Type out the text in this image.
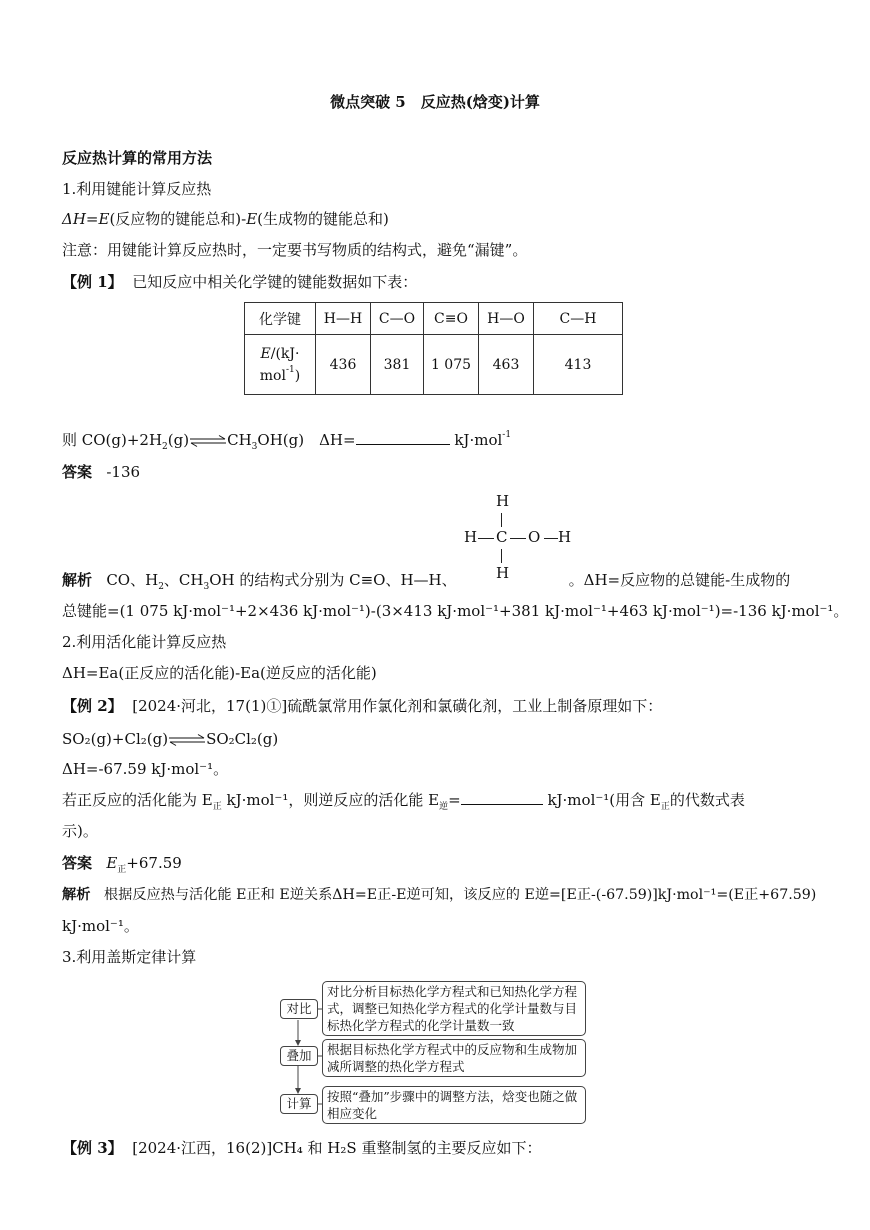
微点突破 5　反应热(焓变)计算
反应热计算的常用方法
1.利用键能计算反应热
ΔH=E(反应物的键能总和)-E(生成物的键能总和)
注意：用键能计算反应热时，一定要书写物质的结构式，避免“漏键”。
【例 1】 已知反应中相关化学键的键能数据如下表：
化学键	H—H	C—O	C≡O	H—O	C—H
E/(kJ·
mol$^{-1}$)	436	381	1 075	463	413
则 $CO(g)+2H_2(g)\rightleftharpoons CH_3OH(g)$　ΔH=	kJ·mol$^{-1}$
答案 -136
H
H C O H
H
解析 CO、$H_2$、$CH_3OH$ 的结构式分别为 C≡O、H—H、	。ΔH=反应物的总键能-生成物的
总键能=(1 075 kJ·mol⁻¹+2×436 kJ·mol⁻¹)-(3×413 kJ·mol⁻¹+381 kJ·mol⁻¹+463 kJ·mol⁻¹)=-136 kJ·mol⁻¹。
2.利用活化能计算反应热
ΔH=Ea(正反应的活化能)-Ea(逆反应的活化能)
【例 2】 [2024·河北，17(1)①]硫酰氯常用作氯化剂和氯磺化剂，工业上制备原理如下：
SO₂(g)+Cl₂(g)⇌SO₂Cl₂(g)
ΔH=-67.59 kJ·mol⁻¹。
若正反应的活化能为 $E_正$ kJ·mol⁻¹，则逆反应的活化能 $E_逆=$	kJ·mol⁻¹(用含 $E_正$的代数式表
示)。
答案 $E_正+67.59$
解析 根据反应热与活化能 E正和 E逆关系ΔH=E正-E逆可知，该反应的 E逆=[E正-(-67.59)]kJ·mol⁻¹=(E正+67.59)
kJ·mol⁻¹。
3.利用盖斯定律计算
对比
对比分析目标热化学方程式和已知热化学方程式，调整已知热化学方程式的化学计量数与目标热化学方程式的化学计量数一致
叠加	根据目标热化学方程式中的反应物和生成物加减所调整的热化学方程式
计算	按照“叠加”步骤中的调整方法，焓变也随之做相应变化
【例 3】 [2024·江西，16(2)]CH₄ 和 H₂S 重整制氢的主要反应如下：
